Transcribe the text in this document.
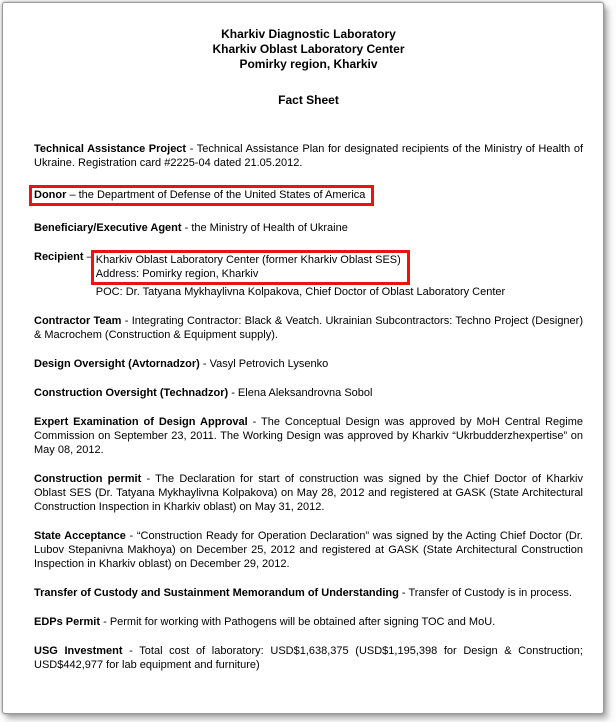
Kharkiv Diagnostic Laboratory
Kharkiv Oblast Laboratory Center
Pomirky region, Kharkiv
Fact Sheet
Technical Assistance Project - Technical Assistance Plan for designated recipients of the Ministry of Health of Ukraine. Registration card #2225-04 dated 21.05.2012.
Donor – the Department of Defense of the United States of America
Beneficiary/Executive Agent - the Ministry of Health of Ukraine
Recipient – Kharkiv Oblast Laboratory Center (former Kharkiv Oblast SES)
Address: Pomirky region, Kharkiv
POC: Dr. Tatyana Mykhaylivna Kolpakova, Chief Doctor of Oblast Laboratory Center
Contractor Team - Integrating Contractor: Black & Veatch. Ukrainian Subcontractors: Techno Project (Designer) & Macrochem (Construction & Equipment supply).
Design Oversight (Avtornadzor) - Vasyl Petrovich Lysenko
Construction Oversight (Technadzor) - Elena Aleksandrovna Sobol
Expert Examination of Design Approval - The Conceptual Design was approved by MoH Central Regime Commission on September 23, 2011. The Working Design was approved by Kharkiv “Ukrbudderzhexpertise” on May 08, 2012.
Construction permit - The Declaration for start of construction was signed by the Chief Doctor of Kharkiv Oblast SES (Dr. Tatyana Mykhaylivna Kolpakova) on May 28, 2012 and registered at GASK (State Architectural Construction Inspection in Kharkiv oblast) on May 31, 2012.
State Acceptance - “Construction Ready for Operation Declaration” was signed by the Acting Chief Doctor (Dr. Lubov Stepanivna Makhoya) on December 25, 2012 and registered at GASK (State Architectural Construction Inspection in Kharkiv oblast) on December 29, 2012.
Transfer of Custody and Sustainment Memorandum of Understanding - Transfer of Custody is in process.
EDPs Permit - Permit for working with Pathogens will be obtained after signing TOC and MoU.
USG Investment - Total cost of laboratory: USD$1,638,375 (USD$1,195,398 for Design & Construction; USD$442,977 for lab equipment and furniture)
